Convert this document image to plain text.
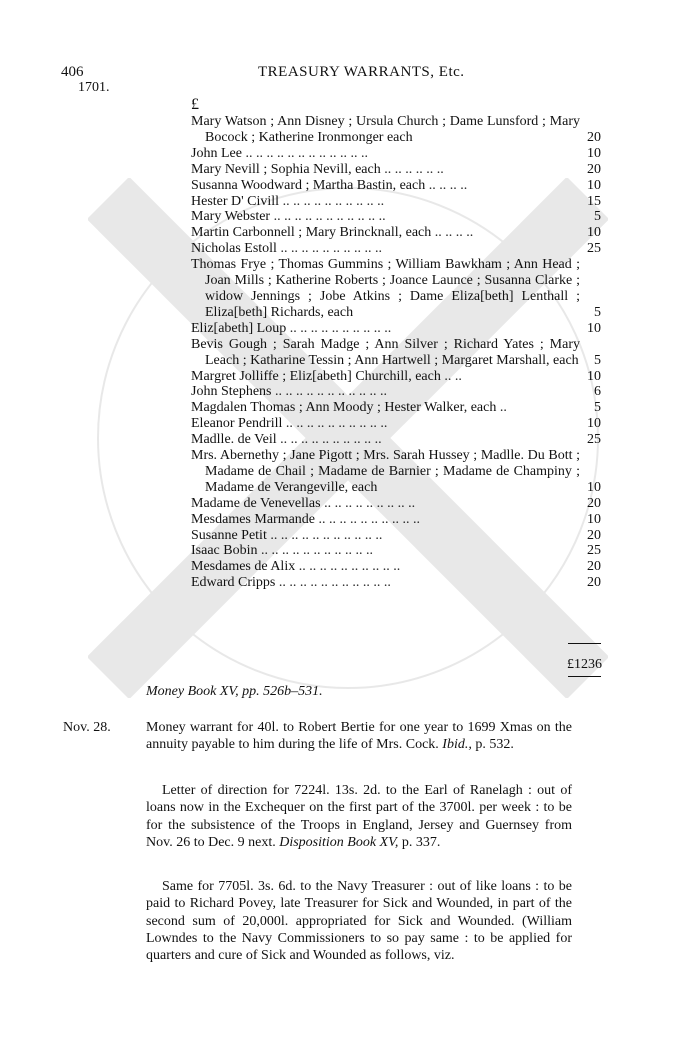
406	TREASURY WARRANTS, Etc.
1701.
£
Mary Watson ; Ann Disney ; Ursula Church ; Dame Lunsford ; Mary Bocock ; Katherine Ironmonger each	20
John Lee .. .. .. .. .. .. .. .. .. .. .. ..	10
Mary Nevill ; Sophia Nevill, each .. .. .. .. .. ..	20
Susanna Woodward ; Martha Bastin, each .. .. .. ..	10
Hester D' Civill .. .. .. .. .. .. .. .. .. ..	15
Mary Webster .. .. .. .. .. .. .. .. .. .. ..	5
Martin Carbonnell ; Mary Brincknall, each .. .. .. ..	10
Nicholas Estoll .. .. .. .. .. .. .. .. .. ..	25
Thomas Frye ; Thomas Gummins ; William Bawkham ; Ann Head ; Joan Mills ; Katherine Roberts ; Joance Launce ; Susanna Clarke ; widow Jennings ; Jobe Atkins ; Dame Eliza[beth] Lenthall ; Eliza[beth] Richards, each	5
Eliz[abeth] Loup .. .. .. .. .. .. .. .. .. ..	10
Bevis Gough ; Sarah Madge ; Ann Silver ; Richard Yates ; Mary Leach ; Katharine Tessin ; Ann Hartwell ; Margaret Marshall, each	5
Margret Jolliffe ; Eliz[abeth] Churchill, each .. ..	10
John Stephens .. .. .. .. .. .. .. .. .. .. ..	6
Magdalen Thomas ; Ann Moody ; Hester Walker, each ..	5
Eleanor Pendrill .. .. .. .. .. .. .. .. .. ..	10
Madlle. de Veil .. .. .. .. .. .. .. .. .. ..	25
Mrs. Abernethy ; Jane Pigott ; Mrs. Sarah Hussey ; Madlle. Du Bott ; Madame de Chail ; Madame de Barnier ; Madame de Champiny ; Madame de Verangeville, each	10
Madame de Venevellas .. .. .. .. .. .. .. .. ..	20
Mesdames Marmande .. .. .. .. .. .. .. .. .. ..	10
Susanne Petit .. .. .. .. .. .. .. .. .. .. ..	20
Isaac Bobin .. .. .. .. .. .. .. .. .. .. ..	25
Mesdames de Alix .. .. .. .. .. .. .. .. .. ..	20
Edward Cripps .. .. .. .. .. .. .. .. .. .. ..	20
£1236
Money Book XV, pp. 526b–531.
Nov. 28.	Money warrant for 40l. to Robert Bertie for one year to 1699 Xmas on the annuity payable to him during the life of Mrs. Cock. Ibid., p. 532.
Letter of direction for 7224l. 13s. 2d. to the Earl of Ranelagh : out of loans now in the Exchequer on the first part of the 3700l. per week : to be for the subsistence of the Troops in England, Jersey and Guernsey from Nov. 26 to Dec. 9 next. Disposition Book XV, p. 337.
Same for 7705l. 3s. 6d. to the Navy Treasurer : out of like loans : to be paid to Richard Povey, late Treasurer for Sick and Wounded, in part of the second sum of 20,000l. appropriated for Sick and Wounded. (William Lowndes to the Navy Commissioners to so pay same : to be applied for quarters and cure of Sick and Wounded as follows, viz.
